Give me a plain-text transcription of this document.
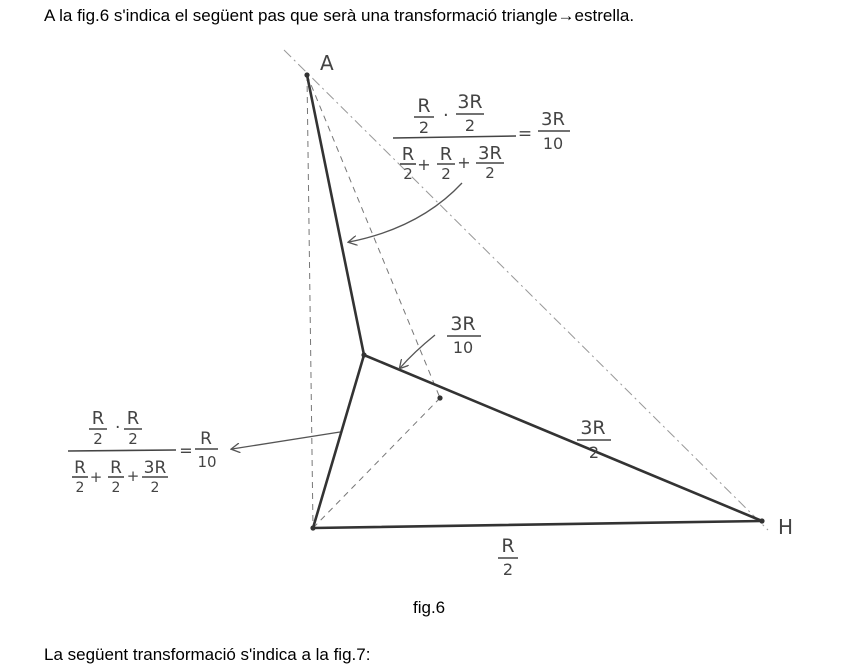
A la fig.6 s'indica el següent pas que serà una transformació triangle→estrella.
A
H
R
2
·
3R
2
R
2 + R
2
+ 3R
2
=
3R
10
3R
10
3R
2
R
2
R
2
· R
2
R
2
+ R
2
+ 3R
2
=
R
10
fig.6
La següent transformació s'indica a la fig.7:
